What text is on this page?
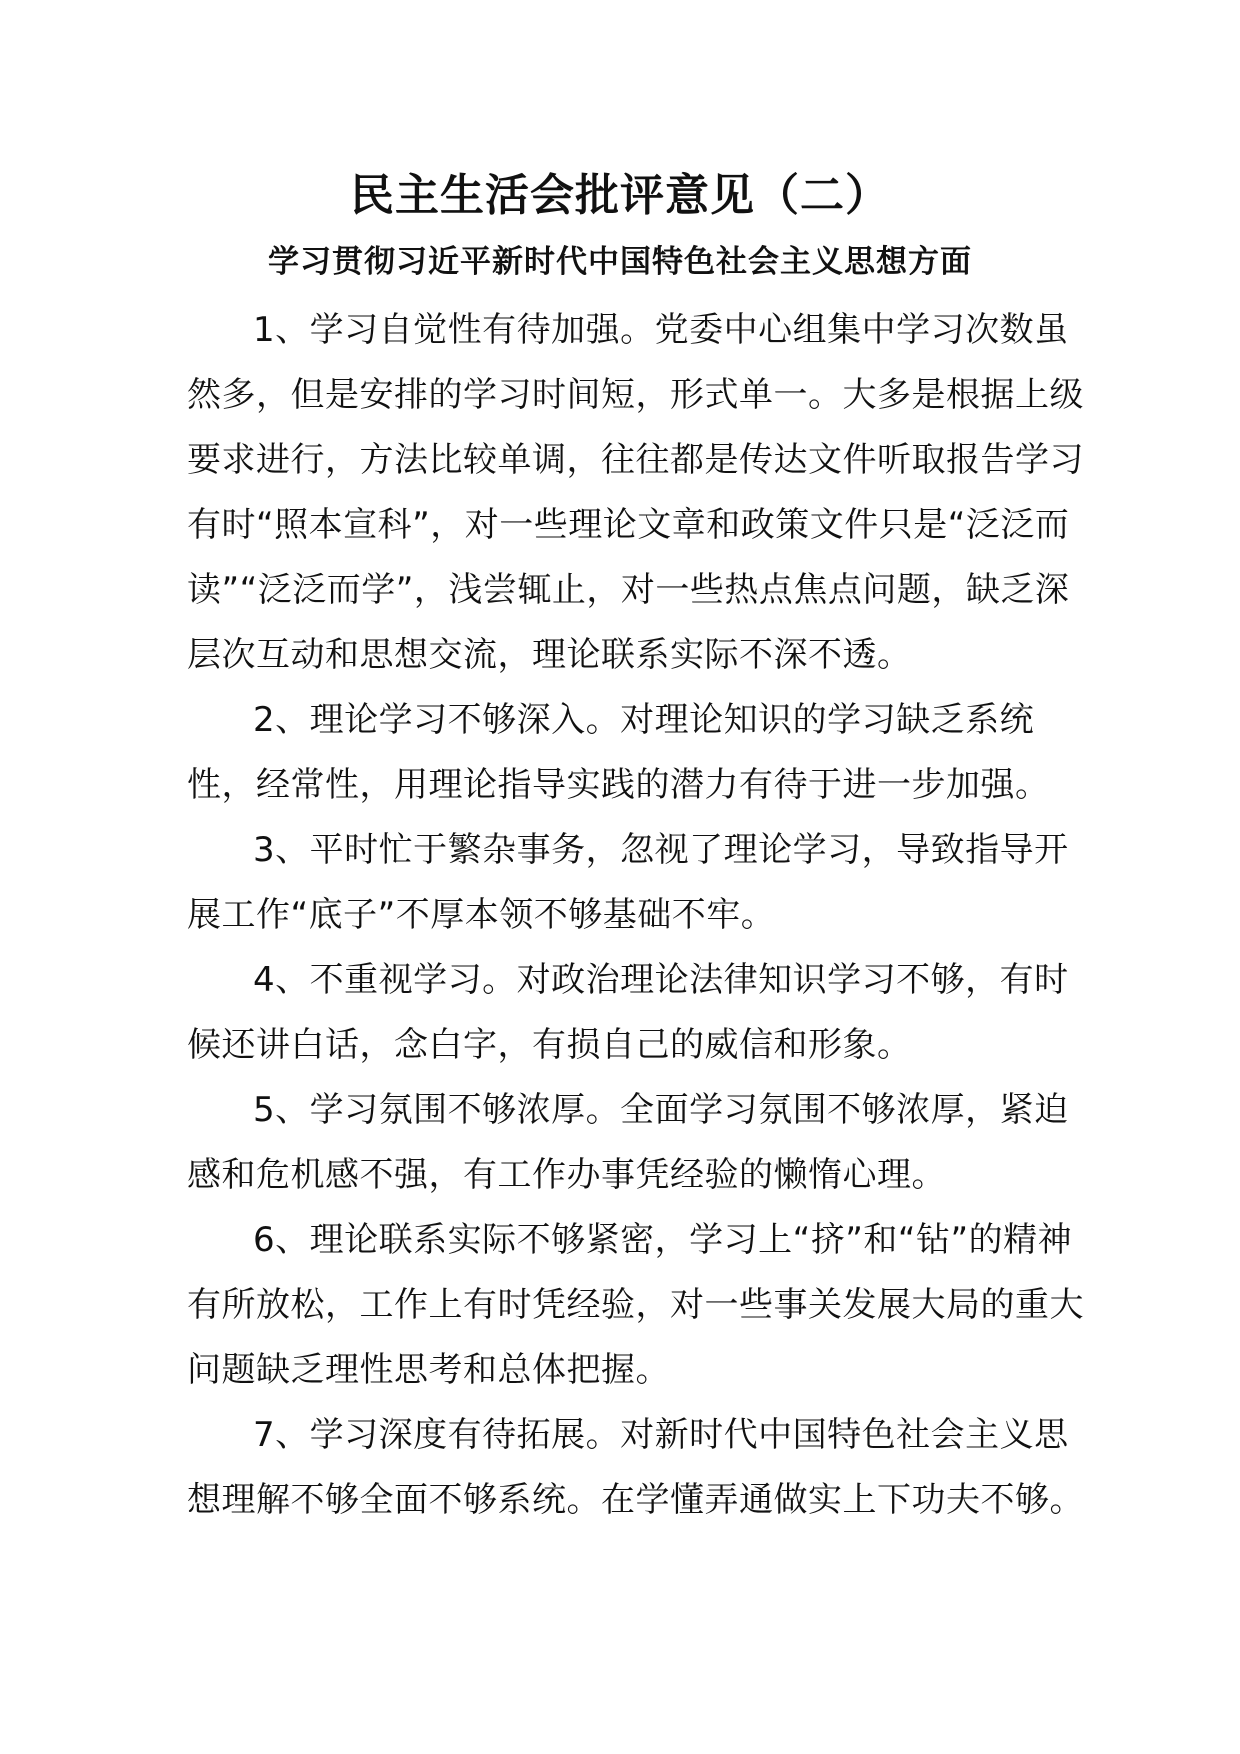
民主生活会批评意见（二）
学习贯彻习近平新时代中国特色社会主义思想方面

1、学习自觉性有待加强。党委中心组集中学习次数虽然多，但是安排的学习时间短，形式单一。大多是根据上级要求进行，方法比较单调，往往都是传达文件听取报告学习有时“照本宣科”，对一些理论文章和政策文件只是“泛泛而读”“泛泛而学”，浅尝辄止，对一些热点焦点问题，缺乏深层次互动和思想交流，理论联系实际不深不透。

2、理论学习不够深入。对理论知识的学习缺乏系统性，经常性，用理论指导实践的潜力有待于进一步加强。

3、平时忙于繁杂事务，忽视了理论学习，导致指导开展工作“底子”不厚本领不够基础不牢。

4、不重视学习。对政治理论法律知识学习不够，有时候还讲白话，念白字，有损自己的威信和形象。

5、学习氛围不够浓厚。全面学习氛围不够浓厚，紧迫感和危机感不强，有工作办事凭经验的懒惰心理。

6、理论联系实际不够紧密，学习上“挤”和“钻”的精神有所放松，工作上有时凭经验，对一些事关发展大局的重大问题缺乏理性思考和总体把握。

7、学习深度有待拓展。对新时代中国特色社会主义思想理解不够全面不够系统。在学懂弄通做实上下功夫不够。
